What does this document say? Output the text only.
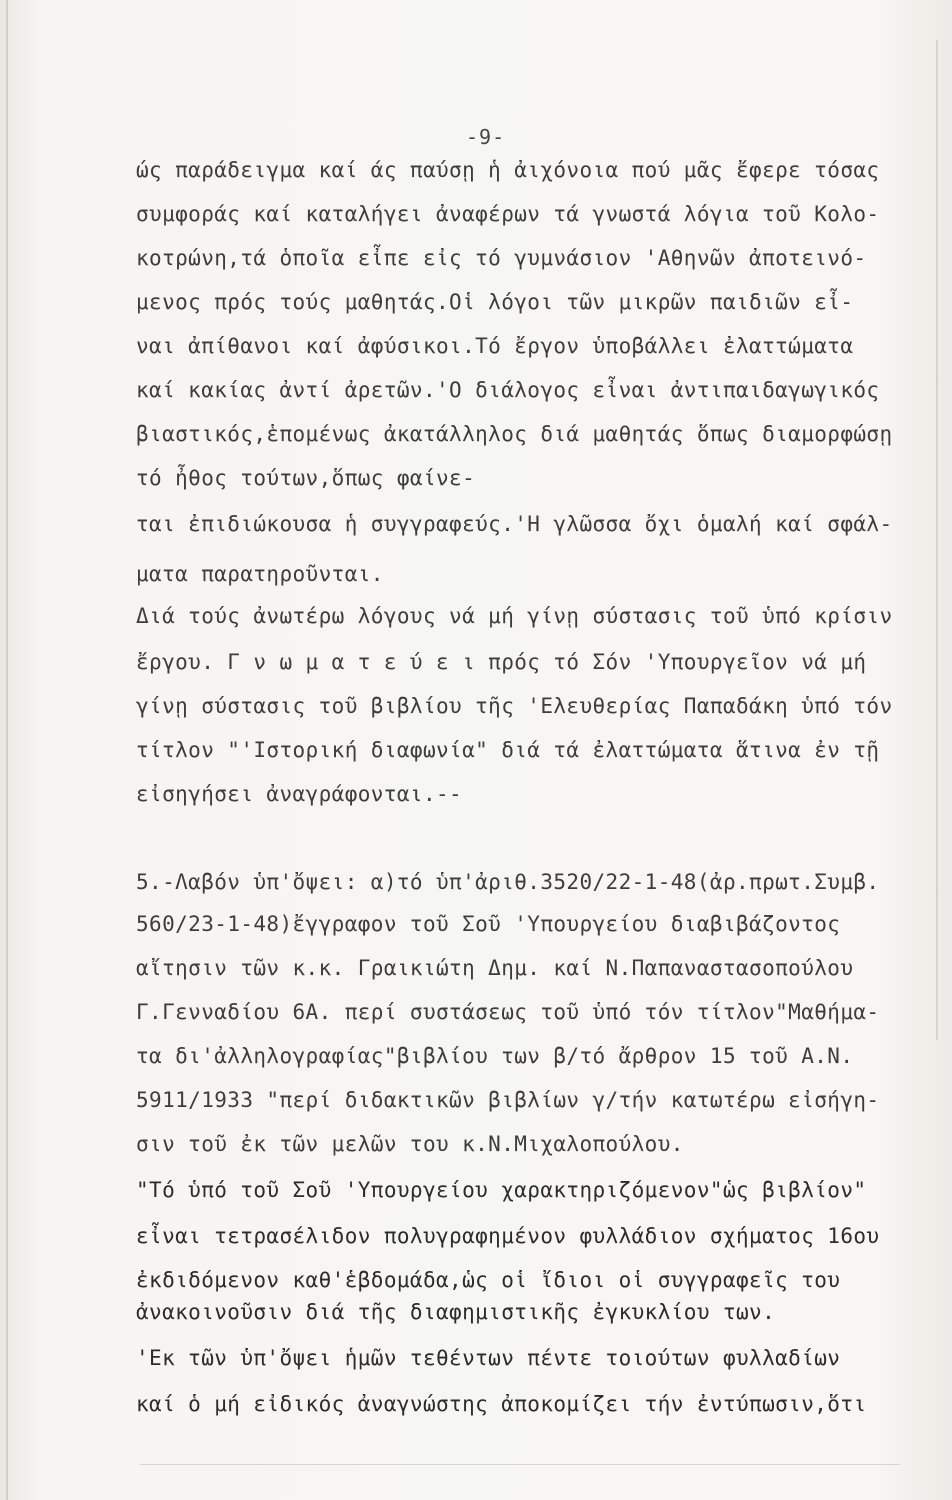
-9-
ώς παράδειγμα καί άς παύσῃ ἡ ἀιχόνοια πού μᾶς ἔφερε τόσας
συμφοράς καί καταλήγει ἀναφέρων τά γνωστά λόγια τοῦ Κολο-
κοτρώνη,τά ὁποῖα εἶπε εἰς τό γυμνάσιον 'Αθηνῶν ἀποτεινό-
μενος πρός τούς μαθητάς.Οἱ λόγοι τῶν μικρῶν παιδιῶν εἶ-
ναι ἀπίθανοι καί ἀφύσικοι.Τό ἔργον ὑποβάλλει ἐλαττώματα
καί κακίας ἀντί ἀρετῶν.'Ο διάλογος εἶναι ἀντιπαιδαγωγικός
βιαστικός,ἑπομένως ἀκατάλληλος διά μαθητάς ὅπως διαμορφώσῃ
τό ἦθος τούτων,ὅπως φαίνε-
ται ἐπιδιώκουσα ἡ συγγραφεύς.'Η γλῶσσα ὄχι ὁμαλή καί σφάλ-
ματα παρατηροῦνται.
Διά τούς ἀνωτέρω λόγους νά μή γίνῃ σύστασις τοῦ ὑπό κρίσιν
ἔργου. Γ ν ω μ α τ ε ύ ε ι πρός τό Σόν 'Υπουργεῖον νά μή
γίνῃ σύστασις τοῦ βιβλίου τῆς 'Ελευθερίας Παπαδάκη ὑπό τόν
τίτλον "'Ιστορική διαφωνία" διά τά ἐλαττώματα ἅτινα ἐν τῇ
εἰσηγήσει ἀναγράφονται.--
5.-Λαβόν ὑπ'ὄψει: α)τό ὑπ'ἀριθ.3520/22-1-48(ἀρ.πρωτ.Συμβ.
560/23-1-48)ἔγγραφον τοῦ Σοῦ 'Υπουργείου διαβιβάζοντος
αἴτησιν τῶν κ.κ. Γραικιώτη Δημ. καί Ν.Παπαναστασοπούλου
Γ.Γενναδίου 6Α. περί συστάσεως τοῦ ὑπό τόν τίτλον"Μαθήμα-
τα δι'ἀλληλογραφίας"βιβλίου των β/τό ἄρθρον 15 τοῦ Α.Ν.
5911/1933 "περί διδακτικῶν βιβλίων γ/τήν κατωτέρω εἰσήγη-
σιν τοῦ ἐκ τῶν μελῶν του κ.Ν.Μιχαλοπούλου.
"Τό ὑπό τοῦ Σοῦ 'Υπουργείου χαρακτηριζόμενον"ὡς βιβλίον"
εἶναι τετρασέλιδον πολυγραφημένον φυλλάδιον σχήματος 16ου
ἐκδιδόμενον καθ'ἑβδομάδα,ὡς οἱ ἴδιοι οἱ συγγραφεῖς του
ἀνακοινοῦσιν διά τῆς διαφημιστικῆς ἐγκυκλίου των.
'Εκ τῶν ὑπ'ὄψει ἡμῶν τεθέντων πέντε τοιούτων φυλλαδίων
καί ὁ μή εἰδικός ἀναγνώστης ἀποκομίζει τήν ἐντύπωσιν,ὅτι
